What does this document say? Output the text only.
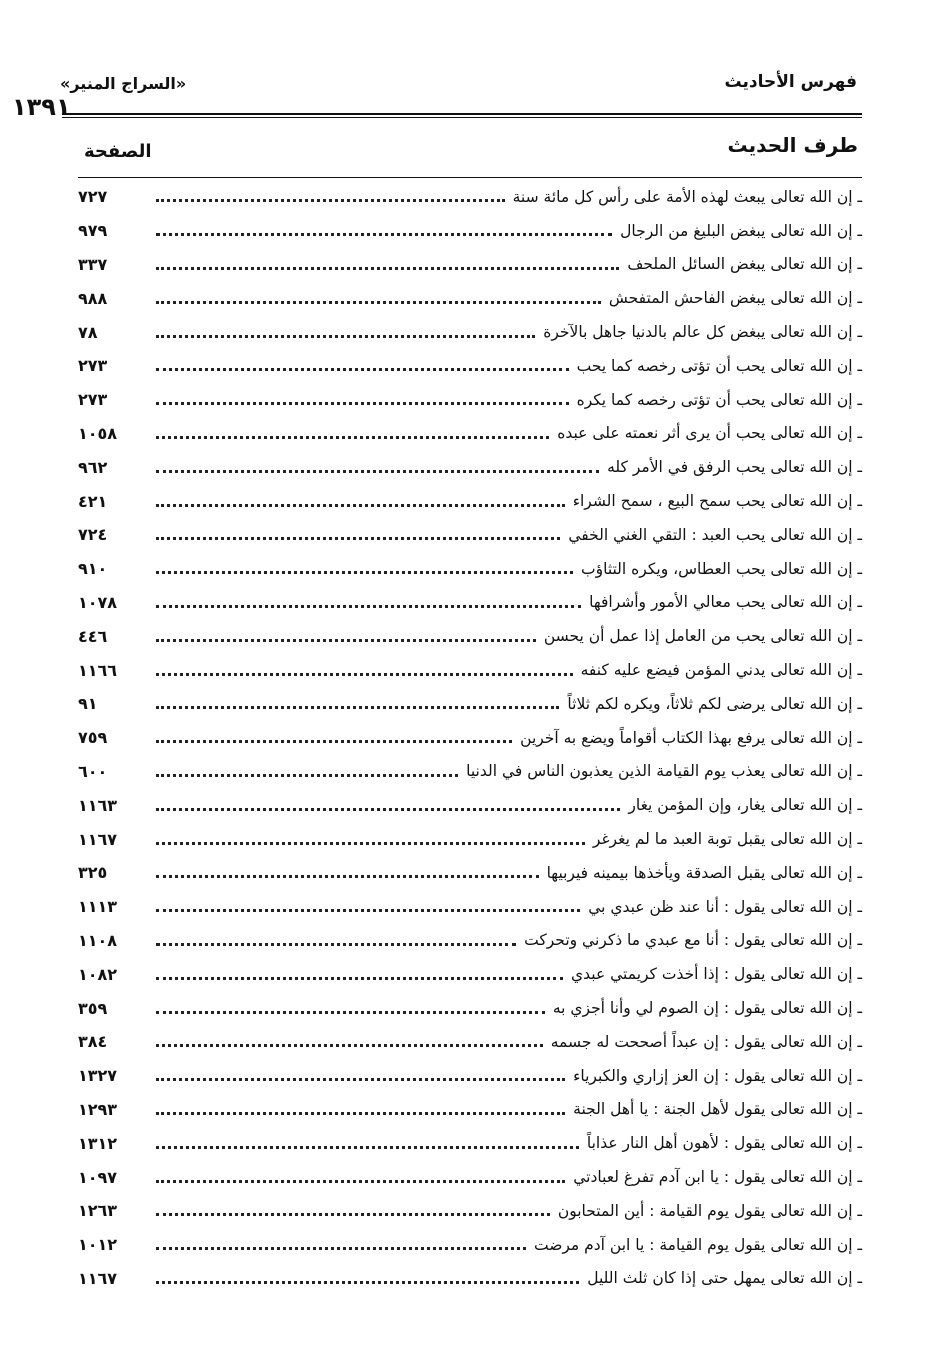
فهرس الأحاديث
«السراج المنير»
١٣٩١
طرف الحديث
الصفحة
٧٢٧	ـ إن الله تعالى يبعث لهذه الأمة على رأس كل مائة سنة
٩٧٩	ـ إن الله تعالى يبغض البليغ من الرجال
٣٣٧	ـ إن الله تعالى يبغض السائل الملحف
٩٨٨	ـ إن الله تعالى يبغض الفاحش المتفحش
٧٨	ـ إن الله تعالى يبغض كل عالم بالدنيا جاهل بالآخرة
٢٧٣	ـ إن الله تعالى يحب أن تؤتى رخصه كما يحب
٢٧٣	ـ إن الله تعالى يحب أن تؤتى رخصه كما يكره
١٠٥٨	ـ إن الله تعالى يحب أن يرى أثر نعمته على عبده
٩٦٢	ـ إن الله تعالى يحب الرفق في الأمر كله
٤٢١	ـ إن الله تعالى يحب سمح البيع ، سمح الشراء
٧٢٤	ـ إن الله تعالى يحب العبد : التقي الغني الخفي
٩١٠	ـ إن الله تعالى يحب العطاس، ويكره التثاؤب
١٠٧٨	ـ إن الله تعالى يحب معالي الأمور وأشرافها
٤٤٦	ـ إن الله تعالى يحب من العامل إذا عمل أن يحسن
١١٦٦	ـ إن الله تعالى يدني المؤمن فيضع عليه كنفه
٩١	ـ إن الله تعالى يرضى لكم ثلاثاً، ويكره لكم ثلاثاً
٧٥٩	ـ إن الله تعالى يرفع بهذا الكتاب أقواماً ويضع به آخرين
٦٠٠	ـ إن الله تعالى يعذب يوم القيامة الذين يعذبون الناس في الدنيا
١١٦٣	ـ إن الله تعالى يغار، وإن المؤمن يغار
١١٦٧	ـ إن الله تعالى يقبل توبة العبد ما لم يغرغر
٣٢٥	ـ إن الله تعالى يقبل الصدقة ويأخذها بيمينه فيربيها
١١١٣	ـ إن الله تعالى يقول : أنا عند ظن عبدي بي
١١٠٨	ـ إن الله تعالى يقول : أنا مع عبدي ما ذكرني وتحركت
١٠٨٢	ـ إن الله تعالى يقول : إذا أخذت كريمتي عبدي
٣٥٩	ـ إن الله تعالى يقول : إن الصوم لي وأنا أجزي به
٣٨٤	ـ إن الله تعالى يقول : إن عبداً أصححت له جسمه
١٣٢٧	ـ إن الله تعالى يقول : إن العز إزاري والكبرياء
١٢٩٣	ـ إن الله تعالى يقول لأهل الجنة : يا أهل الجنة
١٣١٢	ـ إن الله تعالى يقول : لأهون أهل النار عذاباً
١٠٩٧	ـ إن الله تعالى يقول : يا ابن آدم تفرغ لعبادتي
١٢٦٣	ـ إن الله تعالى يقول يوم القيامة : أين المتحابون
١٠١٢	ـ إن الله تعالى يقول يوم القيامة : يا ابن آدم مرضت
١١٦٧	ـ إن الله تعالى يمهل حتى إذا كان ثلث الليل
